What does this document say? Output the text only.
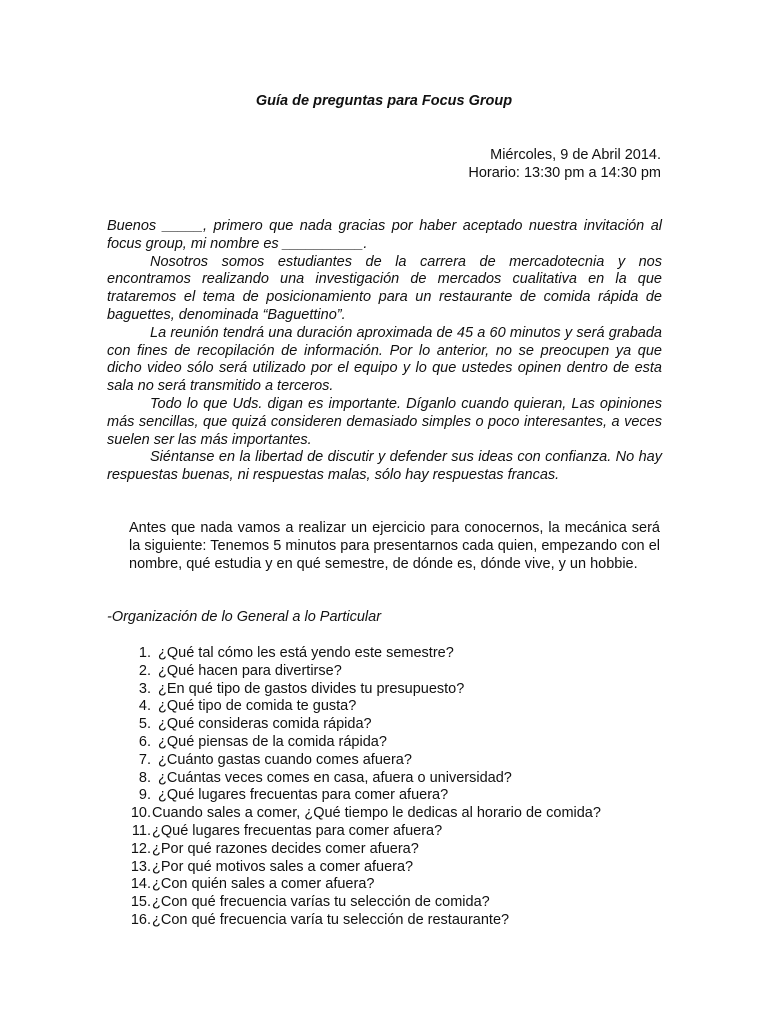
Guía de preguntas para Focus Group
Miércoles, 9 de Abril 2014.
Horario: 13:30 pm a 14:30 pm

Buenos _____, primero que nada gracias por haber aceptado nuestra invitación al focus group, mi nombre es __________.

Nosotros somos estudiantes de la carrera de mercadotecnia y nos encontramos realizando una investigación de mercados cualitativa en la que trataremos el tema de posicionamiento para un restaurante de comida rápida de baguettes, denominada “Baguettino”.

La reunión tendrá una duración aproximada de 45 a 60 minutos y será grabada con fines de recopilación de información. Por lo anterior, no se preocupen ya que dicho video sólo será utilizado por el equipo y lo que ustedes opinen dentro de esta sala no será transmitido a terceros.

Todo lo que Uds. digan es importante. Díganlo cuando quieran, Las opiniones más sencillas, que quizá consideren demasiado simples o poco interesantes, a veces suelen ser las más importantes.

Siéntanse en la libertad de discutir y defender sus ideas con confianza. No hay respuestas buenas, ni respuestas malas, sólo hay respuestas francas.

Antes que nada vamos a realizar un ejercicio para conocernos, la mecánica será la siguiente: Tenemos 5 minutos para presentarnos cada quien, empezando con el nombre, qué estudia y en qué semestre, de dónde es, dónde vive, y un hobbie.
-Organización de lo General a lo Particular
1. ¿Qué tal cómo les está yendo este semestre?
2. ¿Qué hacen para divertirse?
3. ¿En qué tipo de gastos divides tu presupuesto?
4. ¿Qué tipo de comida te gusta?
5. ¿Qué consideras comida rápida?
6. ¿Qué piensas de la comida rápida?
7. ¿Cuánto gastas cuando comes afuera?
8. ¿Cuántas veces comes en casa, afuera o universidad?
9. ¿Qué lugares frecuentas para comer afuera?
10. Cuando sales a comer, ¿Qué tiempo le dedicas al horario de comida?
11. ¿Qué lugares frecuentas para comer afuera?
12. ¿Por qué razones decides comer afuera?
13. ¿Por qué motivos sales a comer afuera?
14. ¿Con quién sales a comer afuera?
15. ¿Con qué frecuencia varías tu selección de comida?
16. ¿Con qué frecuencia varía tu selección de restaurante?
